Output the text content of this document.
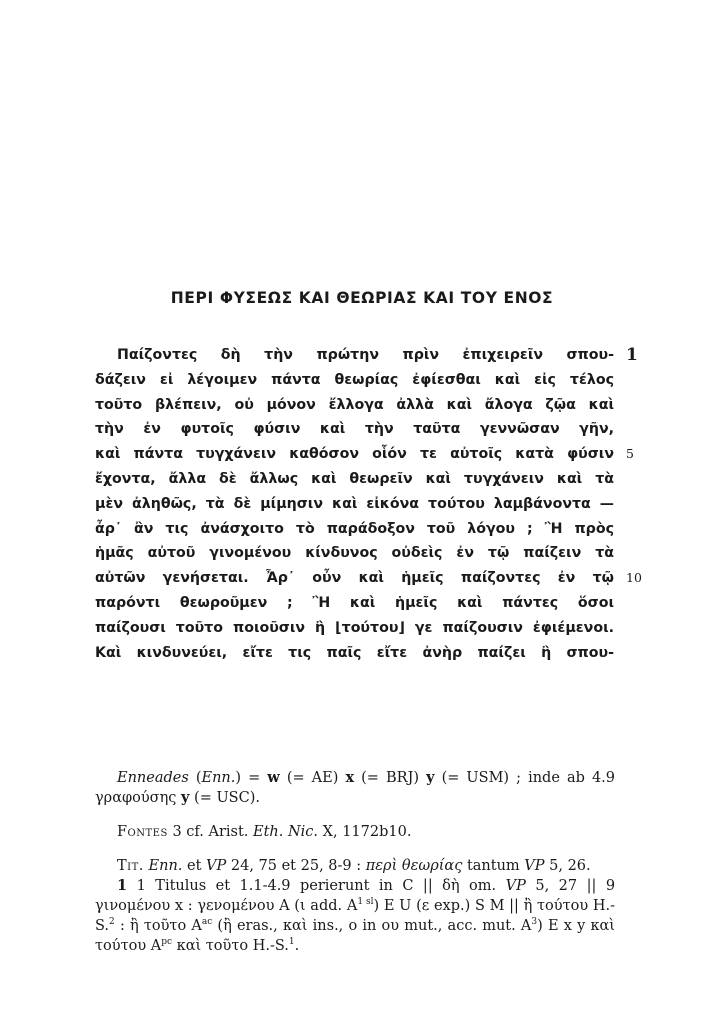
ΠΕΡΙ ΦΥΣΕΩΣ ΚΑΙ ΘΕΩΡΙΑΣ ΚΑΙ ΤΟΥ ΕΝΟΣ
1
5
10
Παίζοντες δὴ τὴν πρώτην πρὶν ἐπιχειρεῖν σπου-
δάζειν εἰ λέγοιμεν πάντα θεωρίας ἐφίεσθαι καὶ εἰς τέλος
τοῦτο βλέπειν, οὐ μόνον ἔλλογα ἀλλὰ καὶ ἄλογα ζῷα καὶ
τὴν ἐν φυτοῖς φύσιν καὶ τὴν ταῦτα γεννῶσαν γῆν,
καὶ πάντα τυγχάνειν καθόσον οἷόν τε αὐτοῖς κατὰ φύσιν
ἔχοντα, ἄλλα δὲ ἄλλως καὶ θεωρεῖν καὶ τυγχάνειν καὶ τὰ
μὲν ἀληθῶς, τὰ δὲ μίμησιν καὶ εἰκόνα τούτου λαμβάνοντα —
ἆρ᾽ ἂν τις ἀνάσχοιτο τὸ παράδοξον τοῦ λόγου ; Ἢ πρὸς
ἡμᾶς αὐτοῦ γινομένου κίνδυνος οὐδεὶς ἐν τῷ παίζειν τὰ
αὐτῶν γενήσεται. Ἆρ᾽ οὖν καὶ ἡμεῖς παίζοντες ἐν τῷ
παρόντι θεωροῦμεν ; Ἢ καὶ ἡμεῖς καὶ πάντες ὅσοι
παίζουσι τοῦτο ποιοῦσιν ἢ ⌊τούτου⌋ γε παίζουσιν ἐφιέμενοι.
Καὶ κινδυνεύει, εἴτε τις παῖς εἴτε ἀνὴρ παίζει ἢ σπου-

Enneades (Enn.) = w (= AE) x (= BRJ) y (= USM) ; inde ab 4.9 γραφούσης y (= USC).

Fontes 3 cf. Arist. Eth. Nic. X, 1172b10.

Tit. Enn. et VP 24, 75 et 25, 8-9 : περὶ θεωρίας tantum VP 5, 26.

1 1 Titulus et 1.1-4.9 perierunt in C || δὴ om. VP 5, 27 || 9 γινομένου x : γενομένου A (ι add. $A^{1 sl}$) E U (ε exp.) S M || ἢ τούτου H.-S.$^2$ : ἢ τοῦτο $A^{ac}$ (ἢ eras., καὶ ins., ο in ου mut., acc. mut. $A^3$) E x y καὶ τούτου $A^{pc}$ καὶ τοῦτο H.-S.$^1$.
